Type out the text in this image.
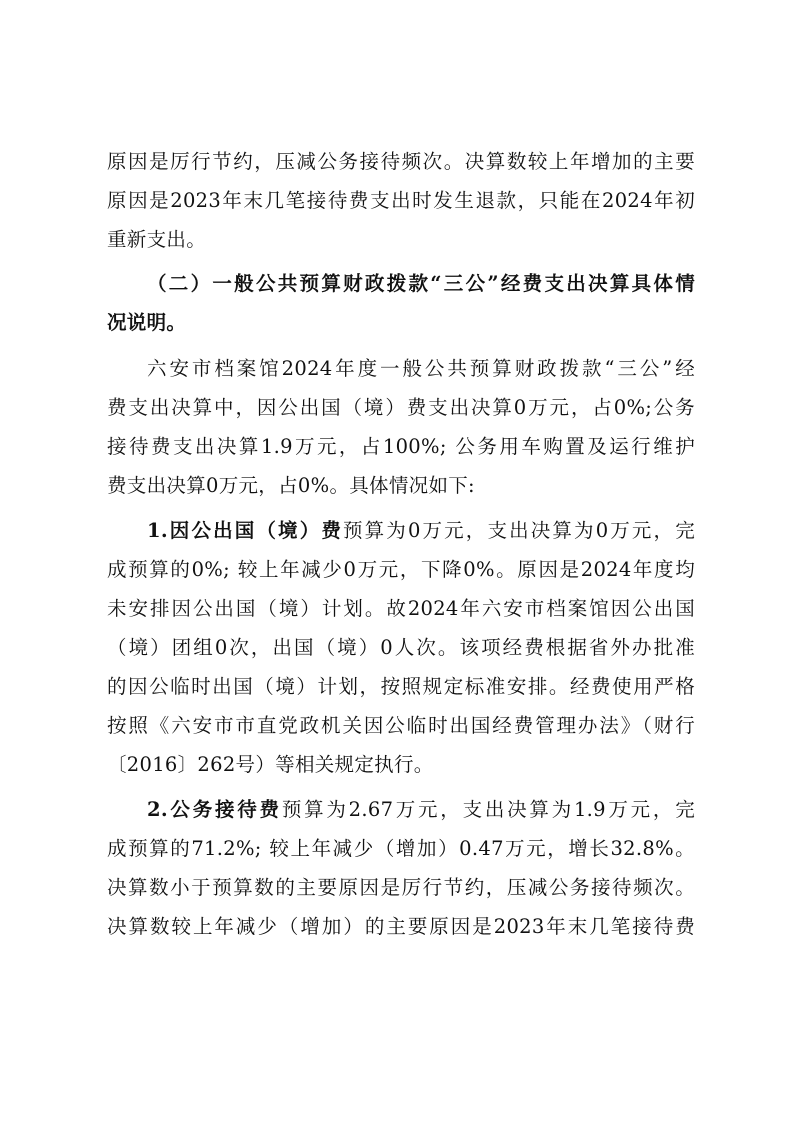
原因是厉行节约，压减公务接待频次。决算数较上年增加的主要
原因是2023年末几笔接待费支出时发生退款，只能在2024年初
重新支出。
（二）一般公共预算财政拨款“三公”经费支出决算具体情
况说明。
六安市档案馆2024年度一般公共预算财政拨款“三公”经
费支出决算中，因公出国（境）费支出决算0万元，占0%;公务
接待费支出决算1.9万元，占100%; 公务用车购置及运行维护
费支出决算0万元，占0%。具体情况如下:
1.因公出国（境）费预算为0万元，支出决算为0万元，完
成预算的0%; 较上年减少0万元，下降0%。原因是2024年度均
未安排因公出国（境）计划。故2024年六安市档案馆因公出国
（境）团组0次，出国（境）0人次。该项经费根据省外办批准
的因公临时出国（境）计划，按照规定标准安排。经费使用严格
按照《六安市市直党政机关因公临时出国经费管理办法》（财行
〔2016〕262号）等相关规定执行。
2.公务接待费预算为2.67万元，支出决算为1.9万元，完
成预算的71.2%; 较上年减少（增加）0.47万元，增长32.8%。
决算数小于预算数的主要原因是厉行节约，压减公务接待频次。
决算数较上年减少（增加）的主要原因是2023年末几笔接待费
